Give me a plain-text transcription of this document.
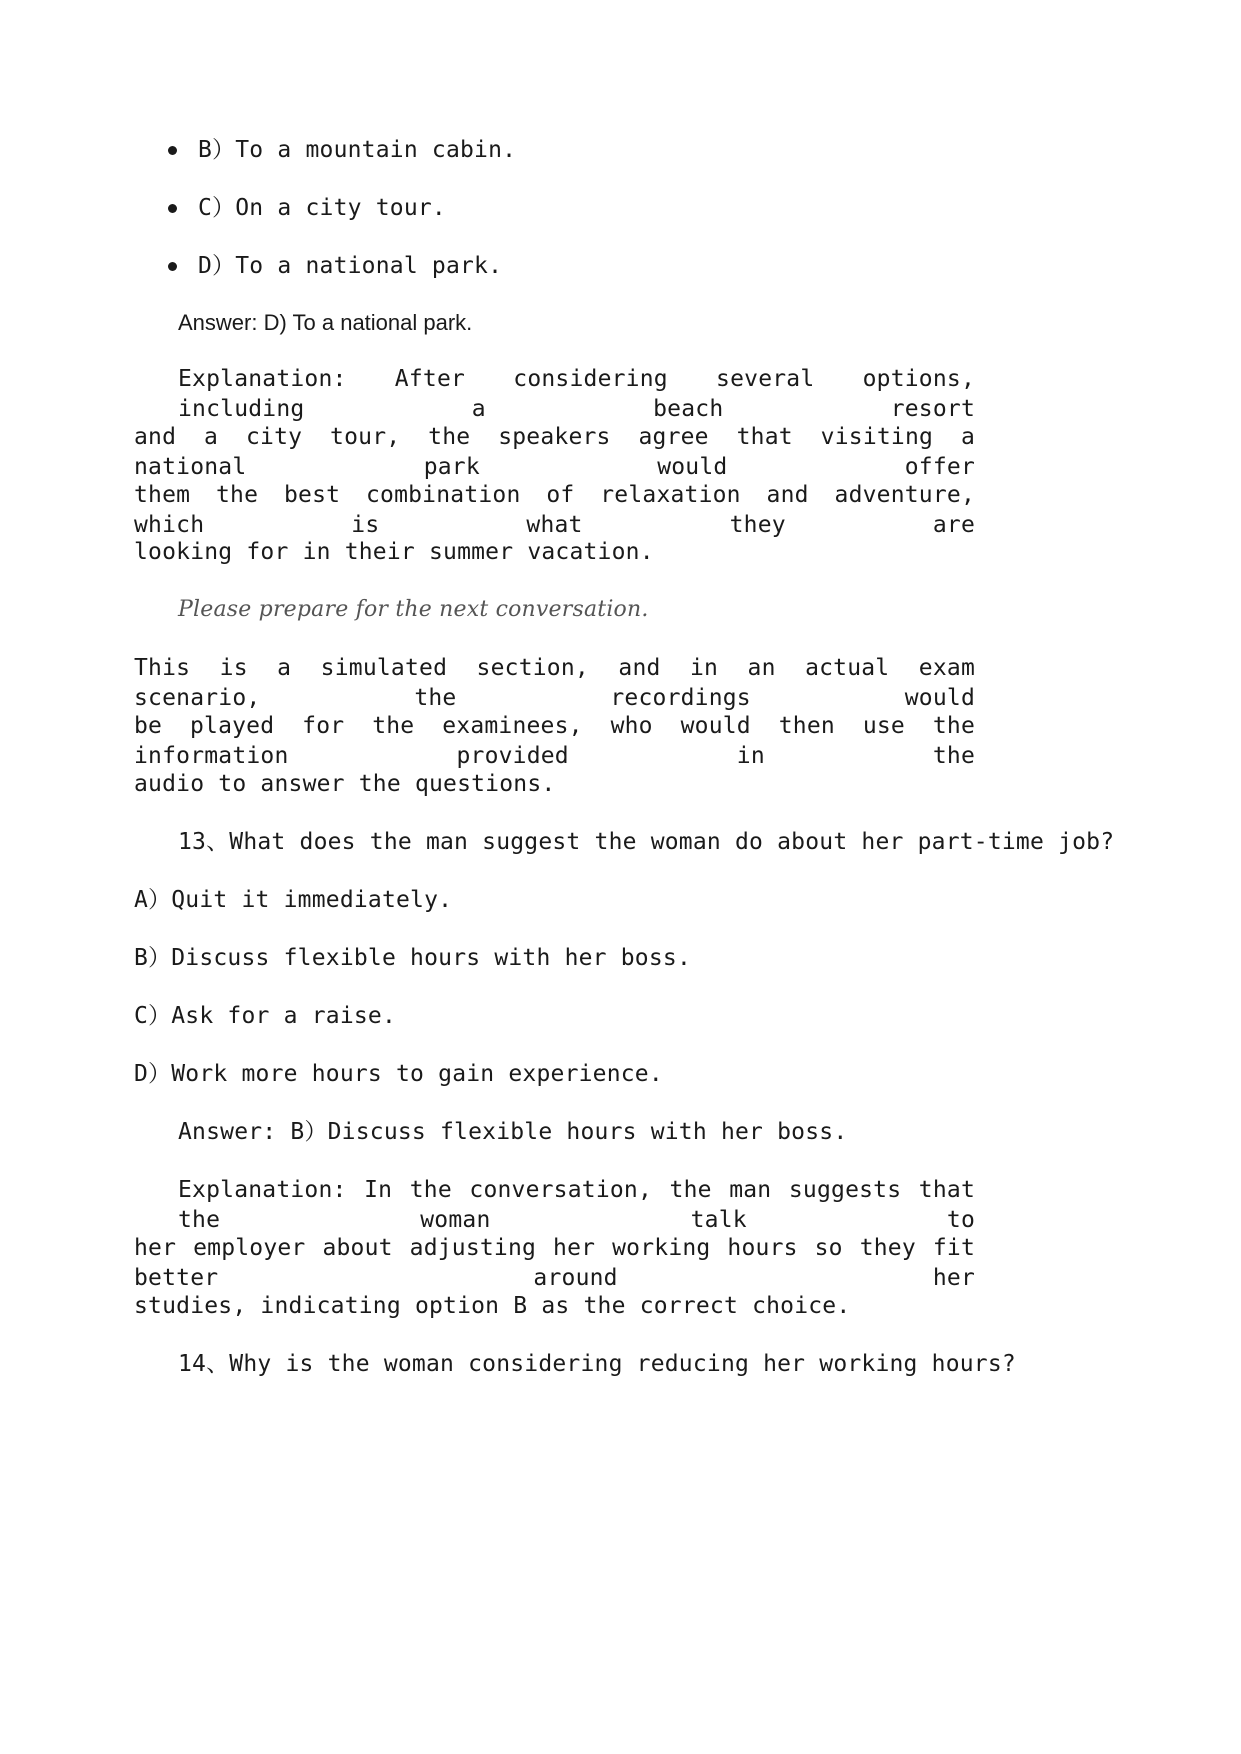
B）To a mountain cabin.
C）On a city tour.
D）To a national park.
Answer: D) To a national park.
Explanation: After considering several options, including a beach resort
and a city tour, the speakers agree that visiting a national park would offer
them the best combination of relaxation and adventure, which is what they are
looking for in their summer vacation.
Please prepare for the next conversation.
This is a simulated section, and in an actual exam scenario, the recordings would
be played for the examinees, who would then use the information provided in the
audio to answer the questions.
13、What does the man suggest the woman do about her part-time job?
A）Quit it immediately.
B）Discuss flexible hours with her boss.
C）Ask for a raise.
D）Work more hours to gain experience.
Answer: B）Discuss flexible hours with her boss.
Explanation: In the conversation, the man suggests that the woman talk to
her employer about adjusting her working hours so they fit better around her
studies, indicating option B as the correct choice.
14、Why is the woman considering reducing her working hours?
